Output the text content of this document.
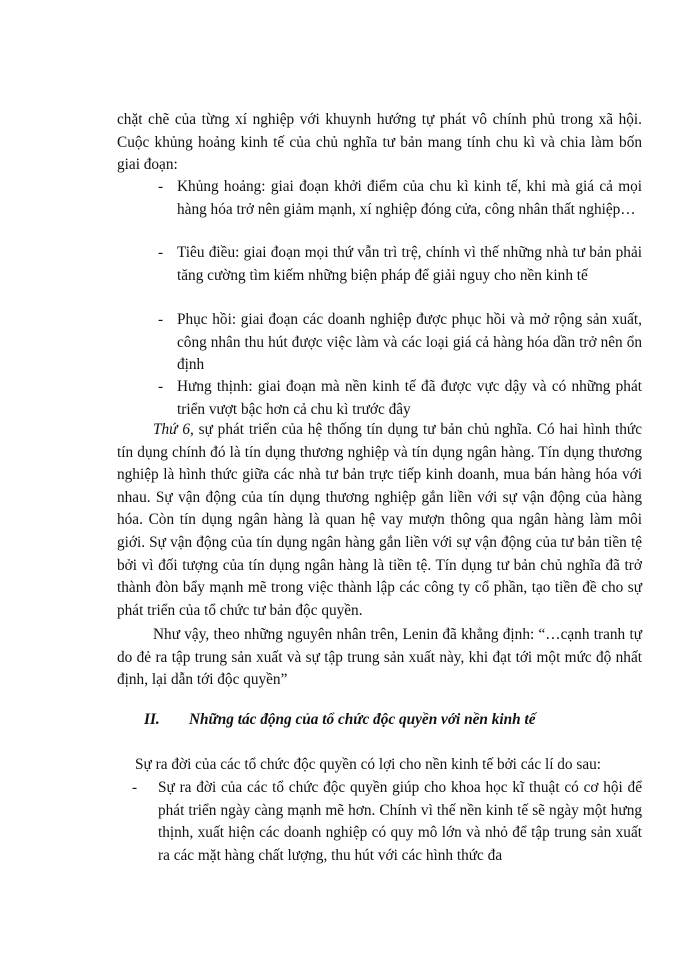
chặt chẽ của từng xí nghiệp với khuynh hướng tự phát vô chính phủ trong xã hội. Cuộc khủng hoảng kinh tế của chủ nghĩa tư bản mang tính chu kì và chia làm bốn giai đoạn:

- Khủng hoảng: giai đoạn khởi điểm của chu kì kinh tế, khi mà giá cả mọi hàng hóa trở nên giảm mạnh, xí nghiệp đóng cửa, công nhân thất nghiệp…

- Tiêu điều: giai đoạn mọi thứ vẫn trì trệ, chính vì thế những nhà tư bản phải tăng cường tìm kiếm những biện pháp để giải nguy cho nền kinh tế

- Phục hồi: giai đoạn các doanh nghiệp được phục hồi và mở rộng sản xuất, công nhân thu hút được việc làm và các loại giá cả hàng hóa dần trở nên ổn định

- Hưng thịnh: giai đoạn mà nền kinh tế đã được vực dậy và có những phát triển vượt bậc hơn cả chu kì trước đây

Thứ 6, sự phát triển của hệ thống tín dụng tư bản chủ nghĩa. Có hai hình thức tín dụng chính đó là tín dụng thương nghiệp và tín dụng ngân hàng. Tín dụng thương nghiệp là hình thức giữa các nhà tư bản trực tiếp kinh doanh, mua bán hàng hóa với nhau. Sự vận động của tín dụng thương nghiệp gắn liền với sự vận động của hàng hóa. Còn tín dụng ngân hàng là quan hệ vay mượn thông qua ngân hàng làm môi giới. Sự vận động của tín dụng ngân hàng gắn liền với sự vận động của tư bản tiền tệ bởi vì đối tượng của tín dụng ngân hàng là tiền tệ. Tín dụng tư bản chủ nghĩa đã trở thành đòn bẩy mạnh mẽ trong việc thành lập các công ty cổ phần, tạo tiền đề cho sự phát triển của tổ chức tư bản độc quyền.

Như vậy, theo những nguyên nhân trên, Lenin đã khẳng định: “…cạnh tranh tự do đẻ ra tập trung sản xuất và sự tập trung sản xuất này, khi đạt tới một mức độ nhất định, lại dẫn tới độc quyền”

II. Những tác động của tổ chức độc quyền với nền kinh tế

Sự ra đời của các tổ chức độc quyền có lợi cho nền kinh tế bởi các lí do sau:

- Sự ra đời của các tổ chức độc quyền giúp cho khoa học kĩ thuật có cơ hội để phát triển ngày càng mạnh mẽ hơn. Chính vì thế nền kinh tế sẽ ngày một hưng thịnh, xuất hiện các doanh nghiệp có quy mô lớn và nhỏ để tập trung sản xuất ra các mặt hàng chất lượng, thu hút với các hình thức đa
